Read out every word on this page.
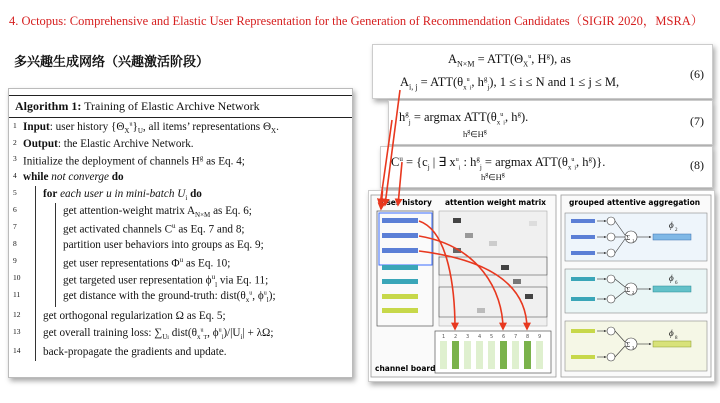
4. Octopus: Comprehensive and Elastic User Representation for the Generation of Recommendation Candidates（SIGIR 2020，MSRA）
多兴趣生成网络（兴趣激活阶段）
Algorithm 1: Training of Elastic Archive Network
1 Input: user history $\{\Theta_X^u\}_U$, all items’ representations $\Theta_X$.
2 Output: the Elastic Archive Network.
3 Initialize the deployment of channels $H^g$ as Eq. 4;
4 while not converge do
5	for each user u in mini-batch $U_i$ do
6	get attention-weight matrix $A_{N\times M}$ as Eq. 6;
7	get activated channels $C^u$ as Eq. 7 and 8;
8	partition user behaviors into groups as Eq. 9;
9	get user representations $\Phi^u$ as Eq. 10;
10	get targeted user representation $\phi^u_l$ via Eq. 11;
11	get distance with the ground-truth: $dist(\theta_x^u$, $\phi^u_l$);
12	get orthogonal regularization Ω as Eq. 5;
13	get overall training loss: $\sum_{Ui}$ $dist(\theta_x^u_T$, $\phi^u_l)/|U_i| + \lambda\Omega$;
14	back-propagate the gradients and update.
$A_{N\times M} = ATT(\Theta_X^u$, $H^g$), as
$A_{i, j} = ATT(\theta_x^u_i$, $h^g_j$), 1 ≤ i ≤ N and 1 ≤ j ≤ M,
(6)
$h^g_j = argmax$ $ATT(\theta_x^u_i$, $h^g$).
$h^g\in H^g$
(7)
$C^u = \{c_j$ | ∃ $x^u_i$ : $h^g_j = argmax$ $ATT(\theta_x^u_i$, $h^g$)}.
$h^g\in H^g$
(8)
user history attention weight matrix
channel board
1 2 3 4 5 6 7 8 9
grouped attentive aggregation
Σ 1
ϕ
2
Σ 2
ϕ
6
Σ 3
ϕ
8
